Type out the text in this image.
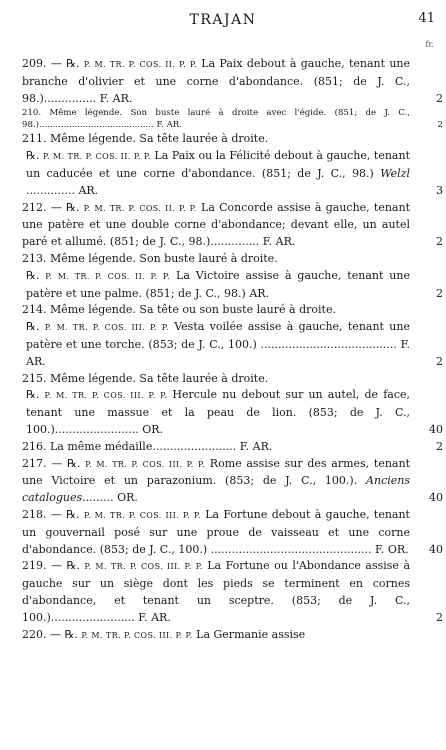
TRAJAN	41
fr.
209. — ℞. P. M. TR. P. COS. II. P. P. La Paix debout à gauche, tenant une branche d'olivier et une corne d'abondance. (851; de J. C., 98.)............... F. AR.	2
210. Même légende. Son buste lauré à droite avec l'égide. (851; de J. C., 98.).......................................... F. AR.	2
211. Même légende. Sa tête laurée à droite.
℞. P. M. TR. P. COS. II. P. P. La Paix ou la Félicité debout à gauche, tenant un caducée et une corne d'abondance. (851; de J. C., 98.) Welzl .............. AR.	3
212. — ℞. P. M. TR. P. COS. II. P. P. La Concorde assise à gauche, tenant une patère et une double corne d'abondance; devant elle, un autel paré et allumé. (851; de J. C., 98.).............. F. AR.	2
213. Même légende. Son buste lauré à droite.
℞. P. M. TR. P. COS. II. P. P. La Victoire assise à gauche, tenant une patère et une palme. (851; de J. C., 98.) AR.	2
214. Même légende. Sa tête ou son buste lauré à droite.
℞. P. M. TR. P. COS. III. P. P. Vesta voilée assise à gauche, tenant une patère et une torche. (853; de J. C., 100.) ....................................... F. AR.	2
215. Même légende. Sa tête laurée à droite.
℞. P. M. TR. P. COS. III. P. P. Hercule nu debout sur un autel, de face, tenant une massue et la peau de lion. (853; de J. C., 100.)........................ OR.	40
216. La même médaille........................ F. AR.	2
217. — ℞. P. M. TR. P. COS. III. P. P. Rome assise sur des armes, tenant une Victoire et un parazonium. (853; de J. C., 100.). Anciens catalogues......... OR.	40
218. — ℞. P. M. TR. P. COS. III. P. P. La Fortune debout à gauche, tenant un gouvernail posé sur une proue de vaisseau et une corne d'abondance. (853; de J. C., 100.) .............................................. F. OR.	40
219. — ℞. P. M. TR. P. COS. III. P. P. La Fortune ou l'Abondance assise à gauche sur un siège dont les pieds se terminent en cornes d'abondance, et tenant un sceptre. (853; de J. C., 100.)........................ F. AR.	2
220. — ℞. P. M. TR. P. COS. III. P. P. La Germanie assise
